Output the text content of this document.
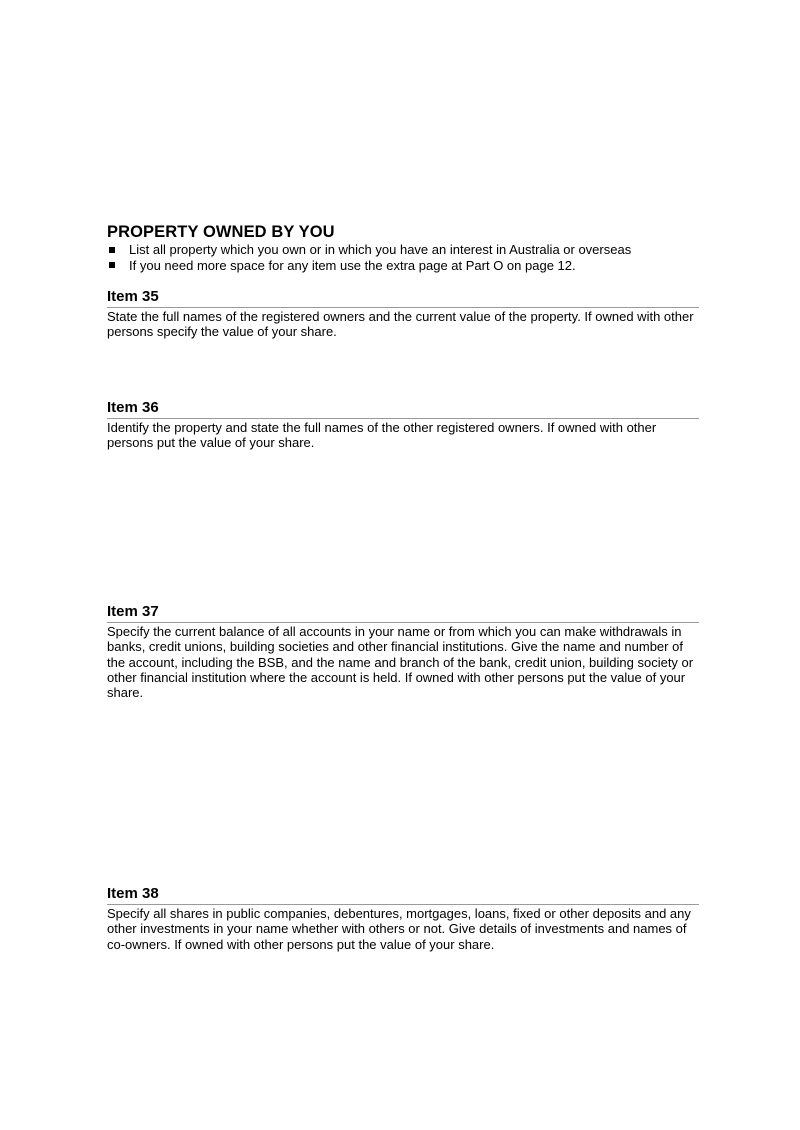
PROPERTY OWNED BY YOU
List all property which you own or in which you have an interest in Australia or overseas
If you need more space for any item use the extra page at Part O on page 12.
Item 35

State the full names of the registered owners and the current value of the property. If owned with other persons specify the value of your share.

Item 36

Identify the property and state the full names of the other registered owners. If owned with other persons put the value of your share.

Item 37

Specify the current balance of all accounts in your name or from which you can make withdrawals in banks, credit unions, building societies and other financial institutions. Give the name and number of the account, including the BSB, and the name and branch of the bank, credit union, building society or other financial institution where the account is held. If owned with other persons put the value of your share.

Item 38

Specify all shares in public companies, debentures, mortgages, loans, fixed or other deposits and any other investments in your name whether with others or not. Give details of investments and names of co-owners. If owned with other persons put the value of your share.
